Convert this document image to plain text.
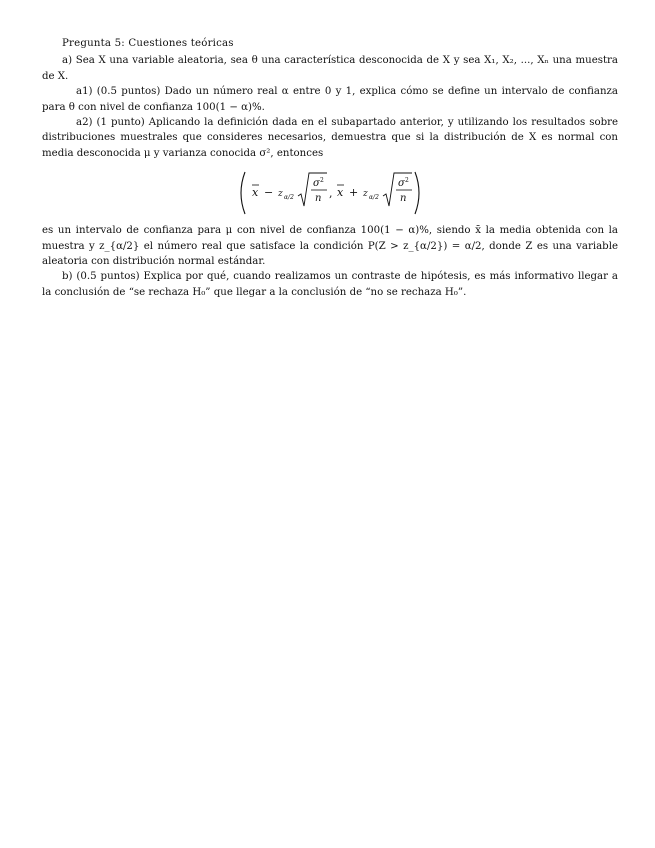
Pregunta 5: Cuestiones teóricas

a) Sea X una variable aleatoria, sea θ una característica desconocida de X y sea X₁, X₂, ..., Xₙ una muestra de X.

a1) (0.5 puntos) Dado un número real α entre 0 y 1, explica cómo se define un intervalo de confianza para θ con nivel de confianza 100(1 − α)%.

a2) (1 punto) Aplicando la definición dada en el subapartado anterior, y utilizando los resultados sobre distribuciones muestrales que consideres necesarios, demuestra que si la distribución de X es normal con media desconocida μ y varianza conocida σ², entonces

x − z α/2
σ 2
n , x + z α/2
σ 2
n

es un intervalo de confianza para μ con nivel de confianza 100(1 − α)%, siendo x̄ la media obtenida con la muestra y z_{α/2} el número real que satisface la condición P(Z > z_{α/2}) = α/2, donde Z es una variable aleatoria con distribución normal estándar.

b) (0.5 puntos) Explica por qué, cuando realizamos un contraste de hipótesis, es más informativo llegar a la conclusión de “se rechaza H₀” que llegar a la conclusión de “no se rechaza H₀”.
